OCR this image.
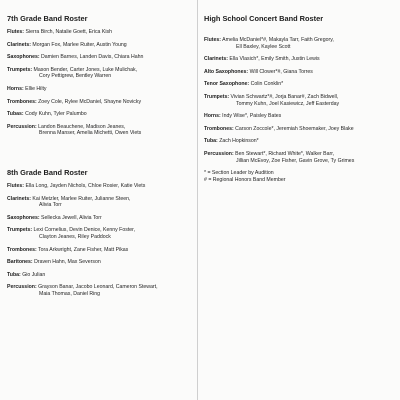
7th Grade Band Roster
Flutes: Sierra Birch, Natalie Goett, Erica Kish
Clarinets: Morgan Fox, Marlee Ruiter, Austin Young
Saxophones: Damien Barnes, Landen Davis, Chiara Hahn
Trumpets: Mason Bender, Carter Jones, Luke Mulichak,
Cory Pettigrew, Bentley Warren
Horns: Ellie Hilty
Trombones: Zoey Cole, Rylee McDaniel, Shayne Novicky
Tubas: Cody Kuhn, Tyler Palumbo
Percussion: Landon Beauchene, Madison Jeanes,
Brenna Manser, Amelia Michetti, Owen Viets
8th Grade Band Roster
Flutes: Ella Long, Jayden Nichols, Chloe Rosier, Katie Viets
Clarinets: Kai Metzler, Marlee Ruiter, Julianne Steen,
Alivia Torr
Saxophones: Sellecka Jewell, Alivia Torr
Trumpets: Lexi Cornelius, Devin Denice, Kenny Foster,
Clayton Jeanes, Riley Paddock
Trombones: Tora Arkwright, Zane Fisher, Matt Pikas
Baritones: Draven Hahn, Max Severson
Tuba: Gio Julian
Percussion: Grayson Banar, Jacobo Leonard, Cameron Stewart,
Maia Thomas, Daniel Ring
High School Concert Band Roster
Flutes: Amelia McDaniel*#, Makayla Tarr, Faith Gregory,
Ell Baxley, Kaylee Scott
Clarinets: Ella Vlasich*, Emily Smith, Justin Lewis
Alto Saxophones: Will Clower*#, Giana Torres
Tenor Saxophone: Colin Conklin*
Trumpets: Vivian Schwartz*#, Jorja Banar#, Zach Bidwell,
Tommy Kuhn, Joel Kasiewicz, Jeff Easterday
Horns: Indy Wise*, Paisley Bates
Trombones: Carson Zoccole*, Jeremiah Shoemaker, Joey Blake
Tuba: Zach Hopkinson*
Percussion: Ben Stewart*, Richard White*, Walker Barr,
Jillian McEvoy, Zoe Fisher, Gavin Grove, Ty Grimes
* = Section Leader by Audition
# = Regional Honors Band Member
